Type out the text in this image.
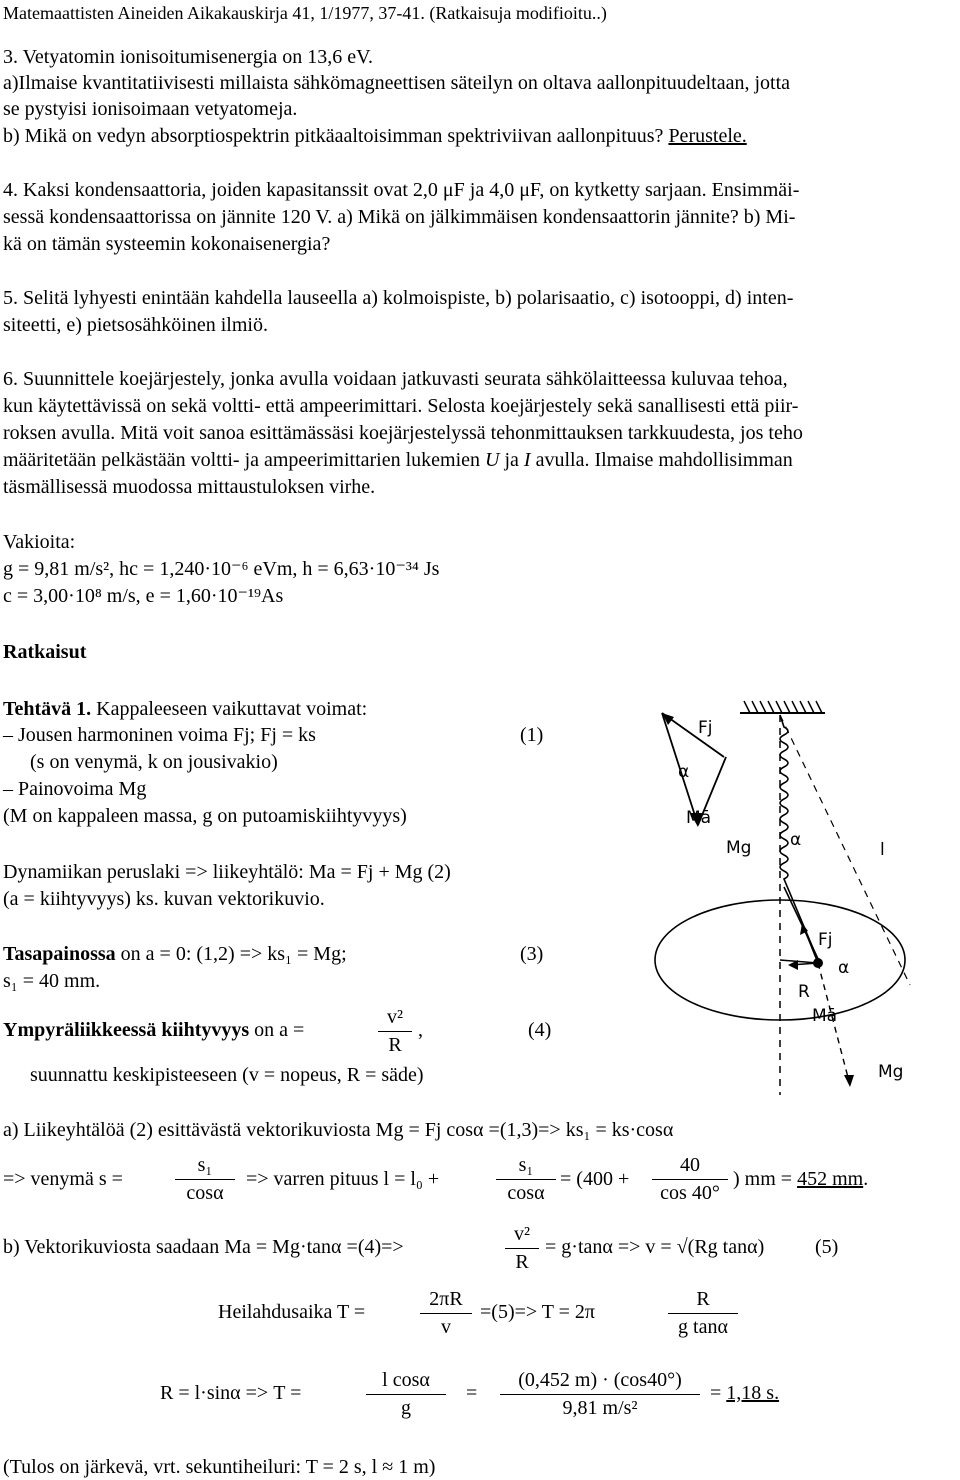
Matemaattisten Aineiden Aikakauskirja 41, 1/1977, 37-41. (Ratkaisuja modifioitu..)
3. Vetyatomin ionisoitumisenergia on 13,6 eV.
a)Ilmaise kvantitatiivisesti millaista sähkömagneettisen säteilyn on oltava aallonpituudeltaan, jotta
se pystyisi ionisoimaan vetyatomeja.
b) Mikä on vedyn absorptiospektrin pitkäaaltoisimman spektriviivan aallonpituus? Perustele.
4. Kaksi kondensaattoria, joiden kapasitanssit ovat 2,0 μF ja 4,0 μF, on kytketty sarjaan. Ensimmäi-
sessä kondensaattorissa on jännite 120 V. a) Mikä on jälkimmäisen kondensaattorin jännite? b) Mi-
kä on tämän systeemin kokonaisenergia?
5. Selitä lyhyesti enintään kahdella lauseella a) kolmoispiste, b) polarisaatio, c) isotooppi, d) inten-
siteetti, e) pietsosähköinen ilmiö.
6. Suunnittele koejärjestely, jonka avulla voidaan jatkuvasti seurata sähkölaitteessa kuluvaa tehoa,
kun käytettävissä on sekä voltti- että ampeerimittari. Selosta koejärjestely sekä sanallisesti että piir-
roksen avulla. Mitä voit sanoa esittämässäsi koejärjestelyssä tehonmittauksen tarkkuudesta, jos teho
määritetään pelkästään voltti- ja ampeerimittarien lukemien U ja I avulla. Ilmaise mahdollisimman
täsmällisessä muodossa mittaustuloksen virhe.
Vakioita:
g = 9,81 m/s², hc = 1,240·10⁻⁶ eVm, h = 6,63·10⁻³⁴ Js
c = 3,00·10⁸ m/s, e = 1,60·10⁻¹⁹As
Ratkaisut
Tehtävä 1. Kappaleeseen vaikuttavat voimat:
– Jousen harmoninen voima Fj; Fj = ks	(1)
(s on venymä, k on jousivakio)
– Painovoima Mg
(M on kappaleen massa, g on putoamiskiihtyvyys)
Dynamiikan peruslaki => liikeyhtälö: Ma = Fj + Mg (2)
(a = kiihtyvyys) ks. kuvan vektorikuvio.
Tasapainossa on a = 0: (1,2) => ks₁ = Mg;	(3)
s₁ = 40 mm.
Ympyräliikkeessä kiihtyvyys on a =	$\frac{\text{v²}}{R}$ ,	(4)
suunnattu keskipisteeseen (v = nopeus, R = säde)
a) Liikeyhtälöä (2) esittävästä vektorikuviosta Mg = Fj cosα =(1,3)=> ks₁ = ks·cosα
=> venymä s =	$\frac{\text{s₁}}{\cos\alpha}$ => varren pituus l = l₀ +	$\frac{\text{s₁}}{\cos\alpha} = (400 + \frac{40}{\cos 40^\circ}$ ) mm = 452 mm.
b) Vektorikuviosta saadaan Ma = Mg·tanα =(4)=>	$\frac{\text{v²}}{R} = g\cdot\tan\alpha => v = √(Rg$ tanα)	(5)
Heilahdusaika T =	$\frac{2\pi R}{v} =(5)=> T = 2\pi$	$\frac{R}{\text{g tanα}}$
R = l·sinα => T =	$\frac{\text{l cosα}}{g} = \frac{(0,452 m) \cdot (\cos 40^\circ)}{\text{9,81 m/s²}} = 1,18$ s.
(Tulos on järkevä, vrt. sekuntiheiluri: T = 2 s, l ≈ 1 m)
Fj
α
Mā
Mg α	l
Fj
α
R
Mā
Mg
